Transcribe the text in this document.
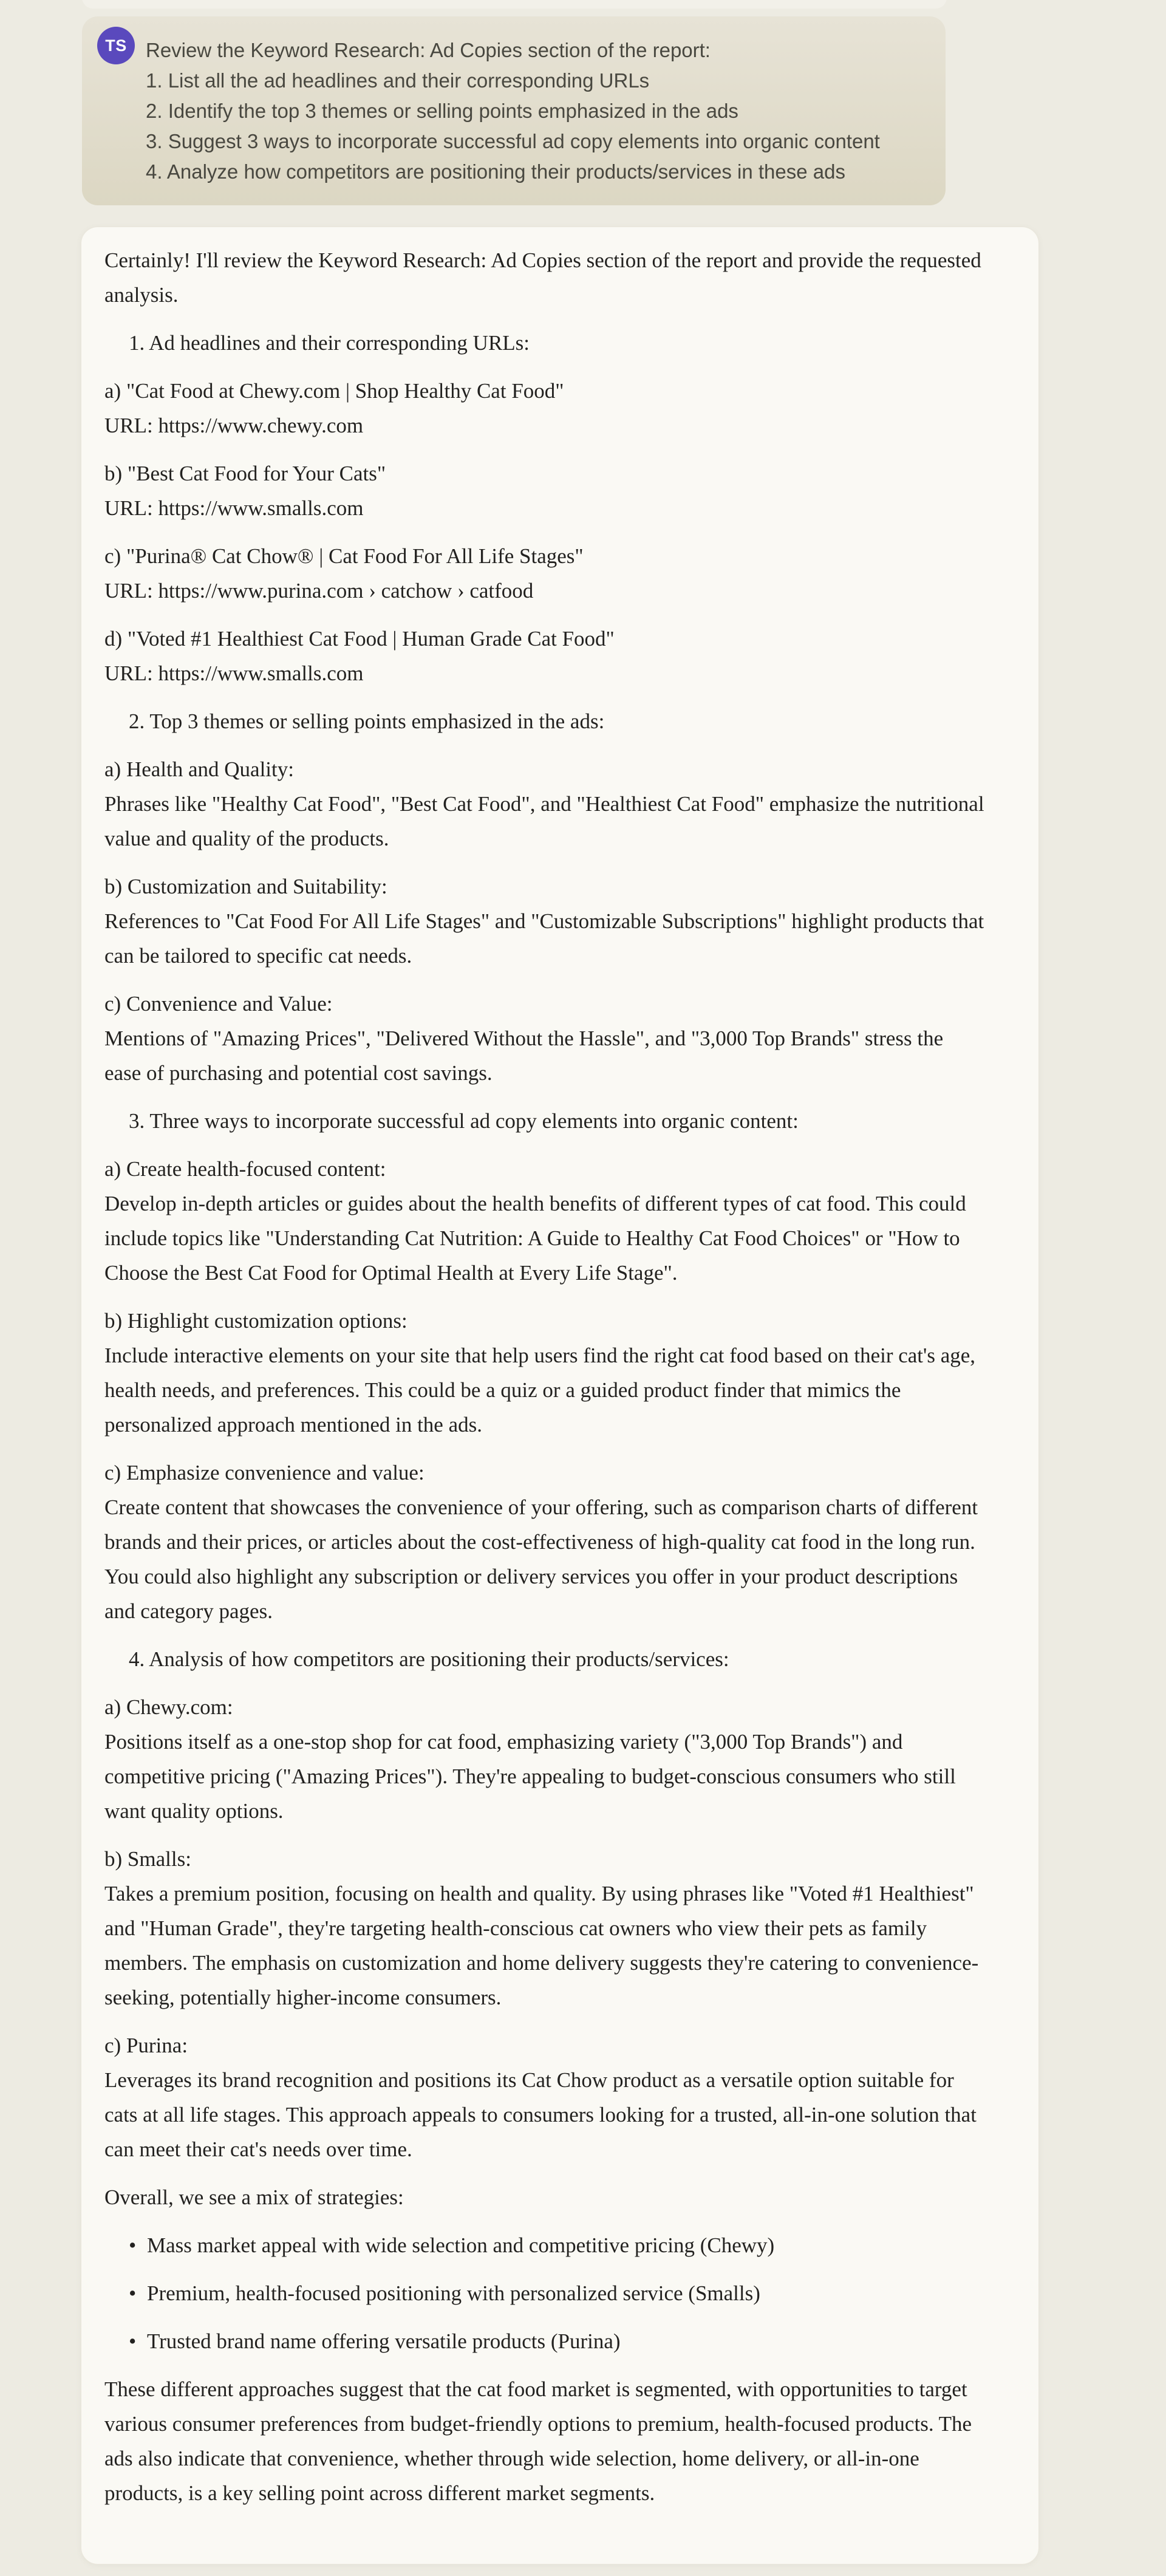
TS Review the Keyword Research: Ad Copies section of the report:
1. List all the ad headlines and their corresponding URLs
2. Identify the top 3 themes or selling points emphasized in the ads
3. Suggest 3 ways to incorporate successful ad copy elements into organic content
4. Analyze how competitors are positioning their products/services in these ads

Certainly! I'll review the Keyword Research: Ad Copies section of the report and provide the requested analysis.

1. Ad headlines and their corresponding URLs:

a) "Cat Food at Chewy.com | Shop Healthy Cat Food"
URL: https://www.chewy.com

b) "Best Cat Food for Your Cats"
URL: https://www.smalls.com

c) "Purina® Cat Chow® | Cat Food For All Life Stages"
URL: https://www.purina.com › catchow › catfood

d) "Voted #1 Healthiest Cat Food | Human Grade Cat Food"
URL: https://www.smalls.com

2. Top 3 themes or selling points emphasized in the ads:

a) Health and Quality:
Phrases like "Healthy Cat Food", "Best Cat Food", and "Healthiest Cat Food" emphasize the nutritional value and quality of the products.

b) Customization and Suitability:
References to "Cat Food For All Life Stages" and "Customizable Subscriptions" highlight products that can be tailored to specific cat needs.

c) Convenience and Value:
Mentions of "Amazing Prices", "Delivered Without the Hassle", and "3,000 Top Brands" stress the ease of purchasing and potential cost savings.

3. Three ways to incorporate successful ad copy elements into organic content:

a) Create health-focused content:
Develop in-depth articles or guides about the health benefits of different types of cat food. This could include topics like "Understanding Cat Nutrition: A Guide to Healthy Cat Food Choices" or "How to Choose the Best Cat Food for Optimal Health at Every Life Stage".

b) Highlight customization options:
Include interactive elements on your site that help users find the right cat food based on their cat's age, health needs, and preferences. This could be a quiz or a guided product finder that mimics the personalized approach mentioned in the ads.

c) Emphasize convenience and value:
Create content that showcases the convenience of your offering, such as comparison charts of different brands and their prices, or articles about the cost-effectiveness of high-quality cat food in the long run. You could also highlight any subscription or delivery services you offer in your product descriptions and category pages.

4. Analysis of how competitors are positioning their products/services:

a) Chewy.com:
Positions itself as a one-stop shop for cat food, emphasizing variety ("3,000 Top Brands") and competitive pricing ("Amazing Prices"). They're appealing to budget-conscious consumers who still want quality options.

b) Smalls:
Takes a premium position, focusing on health and quality. By using phrases like "Voted #1 Healthiest" and "Human Grade", they're targeting health-conscious cat owners who view their pets as family members. The emphasis on customization and home delivery suggests they're catering to convenience-seeking, potentially higher-income consumers.

c) Purina:
Leverages its brand recognition and positions its Cat Chow product as a versatile option suitable for cats at all life stages. This approach appeals to consumers looking for a trusted, all-in-one solution that can meet their cat's needs over time.

Overall, we see a mix of strategies:

• Mass market appeal with wide selection and competitive pricing (Chewy)
• Premium, health-focused positioning with personalized service (Smalls)
• Trusted brand name offering versatile products (Purina)

These different approaches suggest that the cat food market is segmented, with opportunities to target various consumer preferences from budget-friendly options to premium, health-focused products. The ads also indicate that convenience, whether through wide selection, home delivery, or all-in-one products, is a key selling point across different market segments.
